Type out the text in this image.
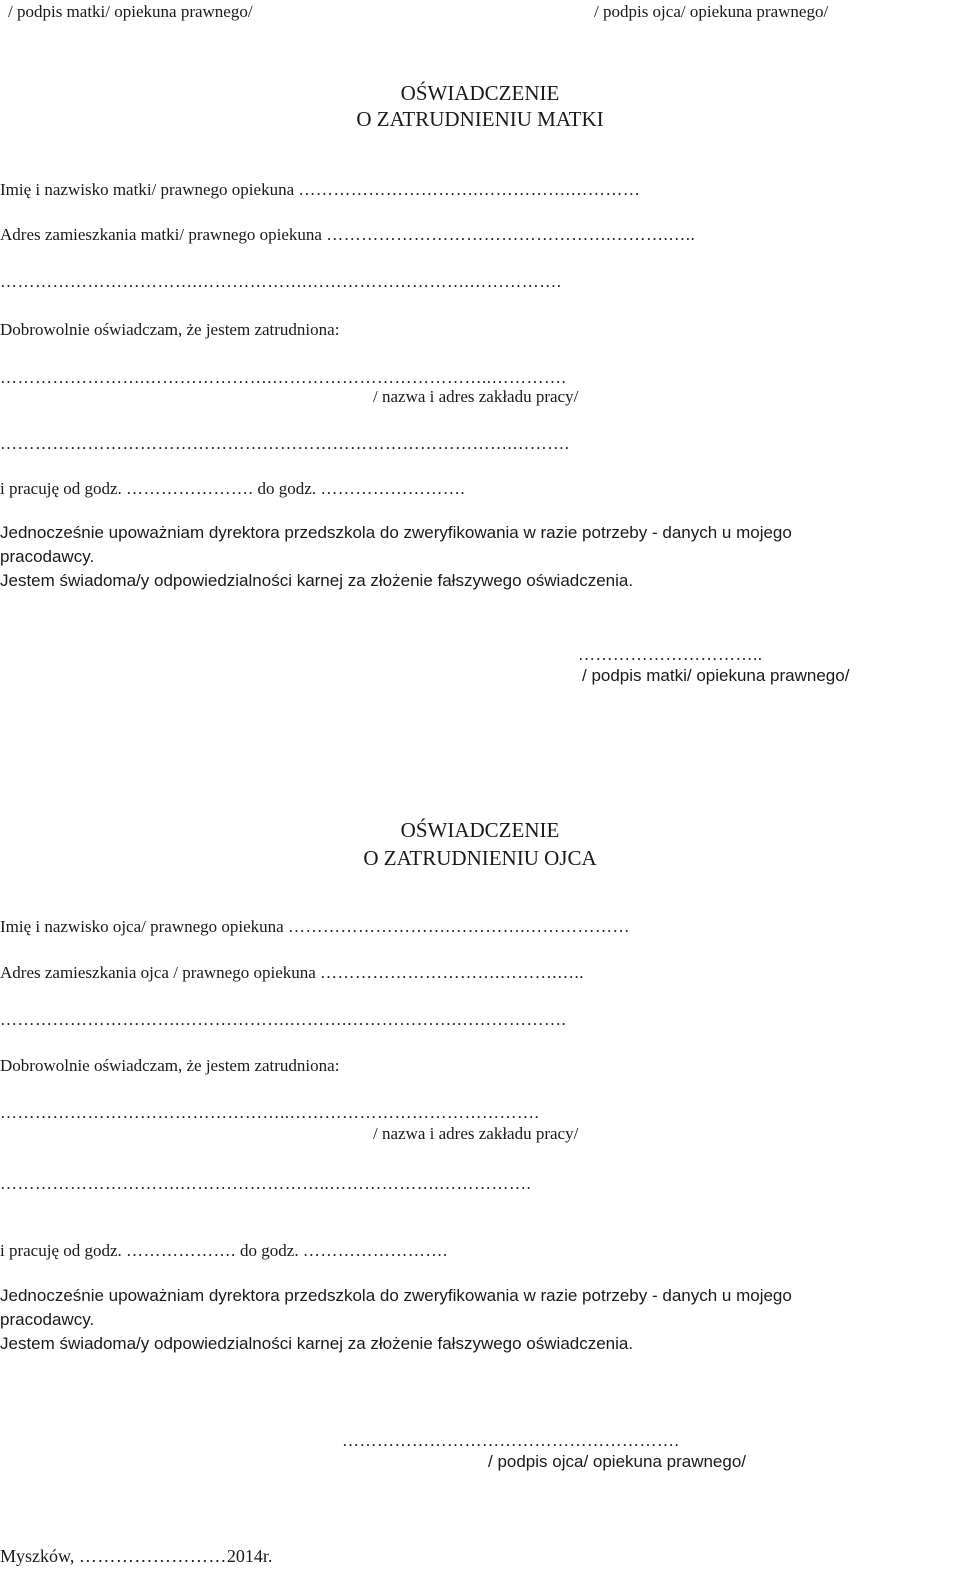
/ podpis matki/ opiekuna prawnego/	/ podpis ojca/ opiekuna prawnego/
OŚWIADCZENIE
O ZATRUDNIENIU MATKI
Imię i nazwisko matki/ prawnego opiekuna ………………………….…………….…………
Adres zamieszkania matki/ prawnego opiekuna ………………………………………….……….…..
…………………………….……………….……………………….…………….
Dobrowolnie oświadczam, że jestem zatrudniona:
…………………….………………….………………………………..………….
/ nazwa i adres zakładu pracy/
…………………………………………………………………………….……….
i pracuję od godz. …………………. do godz. …………………….
Jednocześnie upoważniam dyrektora przedszkola do zweryfikowania w razie potrzeby - danych u mojego
pracodawcy.
Jestem świadoma/y odpowiedzialności karnej za złożenie fałszywego oświadczenia.
…………………………..
/ podpis matki/ opiekuna prawnego/
OŚWIADCZENIE
O ZATRUDNIENIU OJCA
Imię i nazwisko ojca/ prawnego opiekuna ……………………….………….………………
Adres zamieszkania ojca / prawnego opiekuna ………………………….……….…..
………………………….……………….……….……………….……………….
Dobrowolnie oświadczam, że jestem zatrudniona:
…………………………………………..…………………………………….
/ nazwa i adres zakładu pracy/
………………………….……………………..……………….…………….
i pracuję od godz. ………………. do godz. …………………….
Jednocześnie upoważniam dyrektora przedszkola do zweryfikowania w razie potrzeby - danych u mojego
pracodawcy.
Jestem świadoma/y odpowiedzialności karnej za złożenie fałszywego oświadczenia.
………………………………………………….
/ podpis ojca/ opiekuna prawnego/
Myszków, ……………………2014r.
